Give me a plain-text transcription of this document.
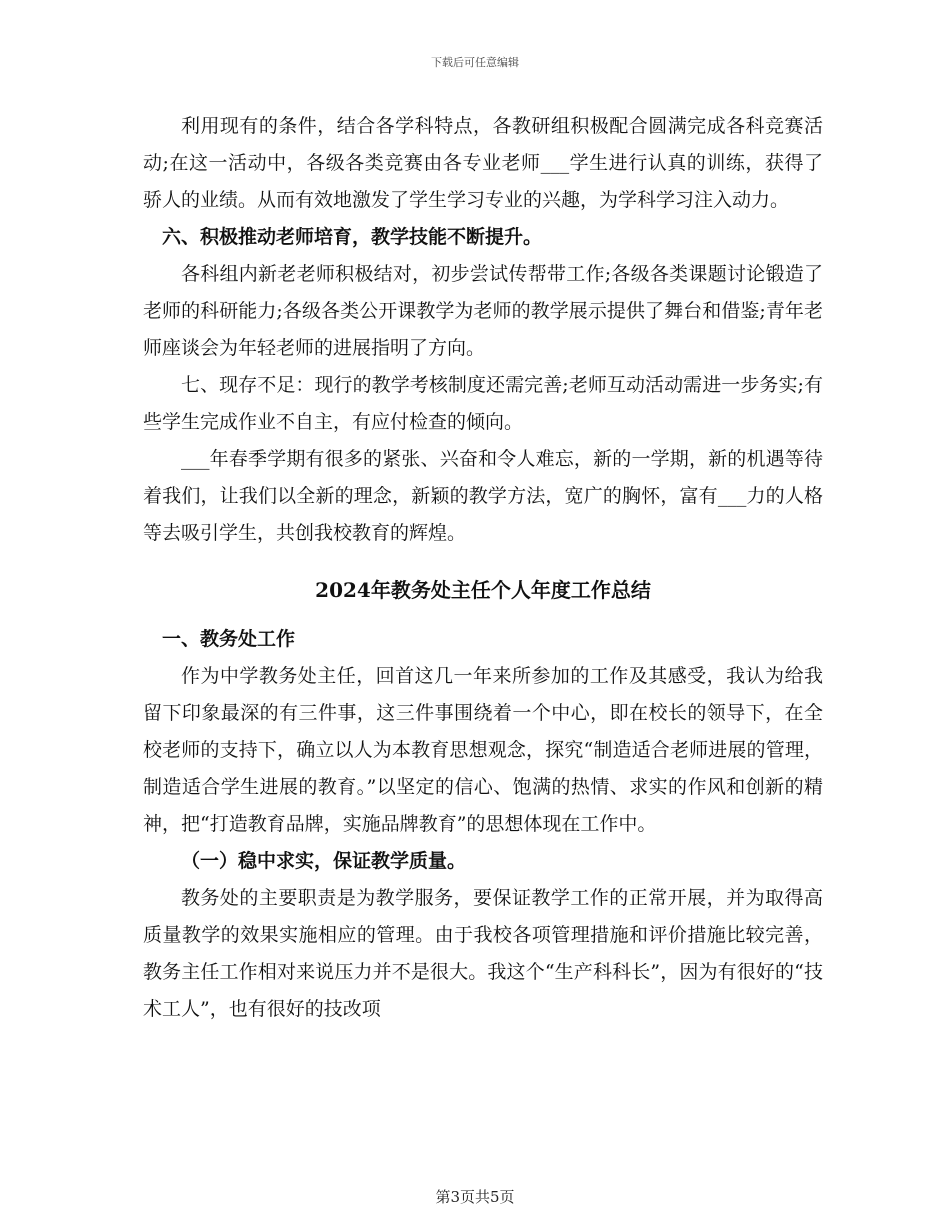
下载后可任意编辑

利用现有的条件，结合各学科特点，各教研组积极配合圆满完成各科竞赛活动;在这一活动中，各级各类竞赛由各专业老师___学生进行认真的训练，获得了骄人的业绩。从而有效地激发了学生学习专业的兴趣，为学科学习注入动力。

六、积极推动老师培育，教学技能不断提升。

各科组内新老老师积极结对，初步尝试传帮带工作;各级各类课题讨论锻造了老师的科研能力;各级各类公开课教学为老师的教学展示提供了舞台和借鉴;青年老师座谈会为年轻老师的进展指明了方向。

七、现存不足：现行的教学考核制度还需完善;老师互动活动需进一步务实;有些学生完成作业不自主，有应付检查的倾向。

___年春季学期有很多的紧张、兴奋和令人难忘，新的一学期，新的机遇等待着我们，让我们以全新的理念，新颖的教学方法，宽广的胸怀，富有___力的人格等去吸引学生，共创我校教育的辉煌。

2024年教务处主任个人年度工作总结

一、教务处工作

作为中学教务处主任，回首这几一年来所参加的工作及其感受，我认为给我留下印象最深的有三件事，这三件事围绕着一个中心，即在校长的领导下，在全校老师的支持下，确立以人为本教育思想观念，探究“制造适合老师进展的管理，制造适合学生进展的教育。”以坚定的信心、饱满的热情、求实的作风和创新的精神，把“打造教育品牌，实施品牌教育”的思想体现在工作中。

（一）稳中求实，保证教学质量。

教务处的主要职责是为教学服务，要保证教学工作的正常开展，并为取得高质量教学的效果实施相应的管理。由于我校各项管理措施和评价措施比较完善，教务主任工作相对来说压力并不是很大。我这个“生产科科长”，因为有很好的“技术工人”，也有很好的技改项

第3页共5页
